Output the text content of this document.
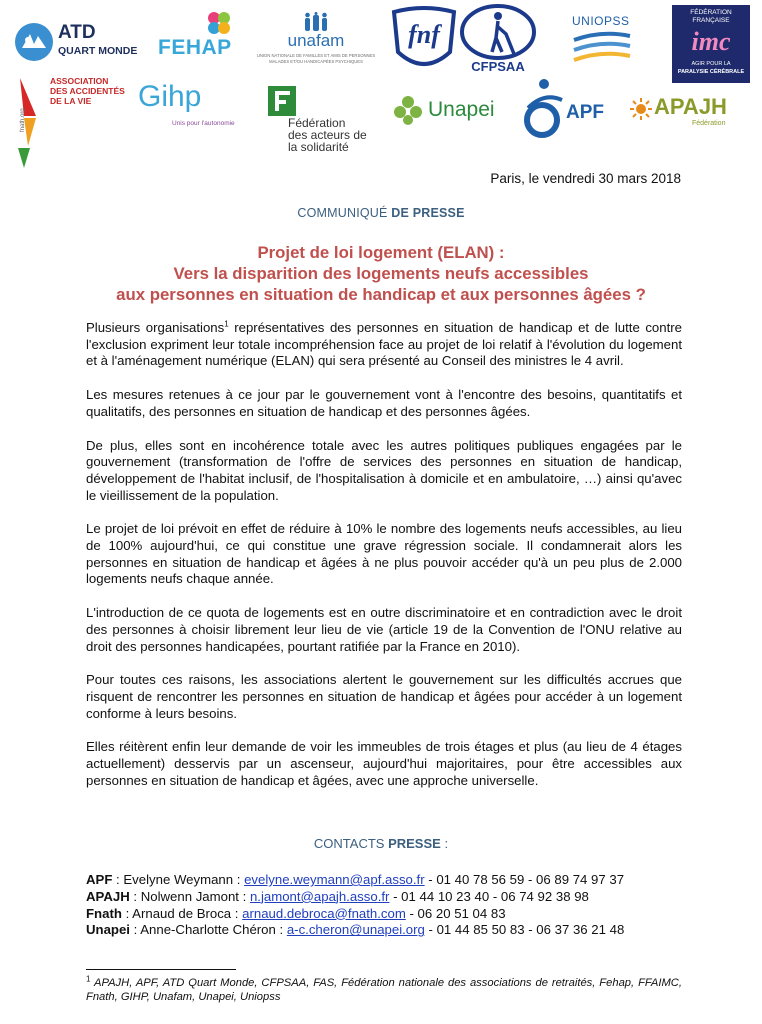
ATD
QUART MONDE FEHAP	unafam
UNION NATIONALE DE FAMILLES ET AMIS DE PERSONNES
MALADES ET/OU HANDICAPÉES PSYCHIQUES
fnf
CFPSAA
UNIOPSS
FÉDÉRATION
FRANÇAISE
imc
AGIR POUR LA
PARALYSIE CÉRÉBRALE
fnath.org
ASSOCIATION
DES ACCIDENTÉS
DE LA VIE Gihp
Unis pour l'autonomie	Fédération
des acteurs de
la solidarité
Unapei	APF APAJH
Fédération
Paris, le vendredi 30 mars 2018
COMMUNIQUÉ DE PRESSE
Projet de loi logement (ELAN) :
Vers la disparition des logements neufs accessibles
aux personnes en situation de handicap et aux personnes âgées ?

Plusieurs organisations$^1$ représentatives des personnes en situation de handicap et de lutte contre l'exclusion expriment leur totale incompréhension face au projet de loi relatif à l'évolution du logement et à l'aménagement numérique (ELAN) qui sera présenté au Conseil des ministres le 4 avril.

Les mesures retenues à ce jour par le gouvernement vont à l'encontre des besoins, quantitatifs et qualitatifs, des personnes en situation de handicap et des personnes âgées.

De plus, elles sont en incohérence totale avec les autres politiques publiques engagées par le gouvernement (transformation de l'offre de services des personnes en situation de handicap, développement de l'habitat inclusif, de l'hospitalisation à domicile et en ambulatoire, …) ainsi qu'avec le vieillissement de la population.

Le projet de loi prévoit en effet de réduire à 10% le nombre des logements neufs accessibles, au lieu de 100% aujourd'hui, ce qui constitue une grave régression sociale. Il condamnerait alors les personnes en situation de handicap et âgées à ne plus pouvoir accéder qu'à un peu plus de 2.000 logements neufs chaque année.

L'introduction de ce quota de logements est en outre discriminatoire et en contradiction avec le droit des personnes à choisir librement leur lieu de vie (article 19 de la Convention de l'ONU relative au droit des personnes handicapées, pourtant ratifiée par la France en 2010).

Pour toutes ces raisons, les associations alertent le gouvernement sur les difficultés accrues que risquent de rencontrer les personnes en situation de handicap et âgées pour accéder à un logement conforme à leurs besoins.

Elles réitèrent enfin leur demande de voir les immeubles de trois étages et plus (au lieu de 4 étages actuellement) desservis par un ascenseur, aujourd'hui majoritaires, pour être accessibles aux personnes en situation de handicap et âgées, avec une approche universelle.

CONTACTS PRESSE :
APF : Evelyne Weymann : evelyne.weymann@apf.asso.fr - 01 40 78 56 59 - 06 89 74 97 37
APAJH : Nolwenn Jamont : n.jamont@apajh.asso.fr - 01 44 10 23 40 - 06 74 92 38 98
Fnath : Arnaud de Broca : arnaud.debroca@fnath.com - 06 20 51 04 83
Unapei : Anne-Charlotte Chéron : a-c.cheron@unapei.org - 01 44 85 50 83 - 06 37 36 21 48
$^1$ APAJH, APF, ATD Quart Monde, CFPSAA, FAS, Fédération nationale des associations de retraités, Fehap, FFAIMC, Fnath, GIHP, Unafam, Unapei, Uniopss
